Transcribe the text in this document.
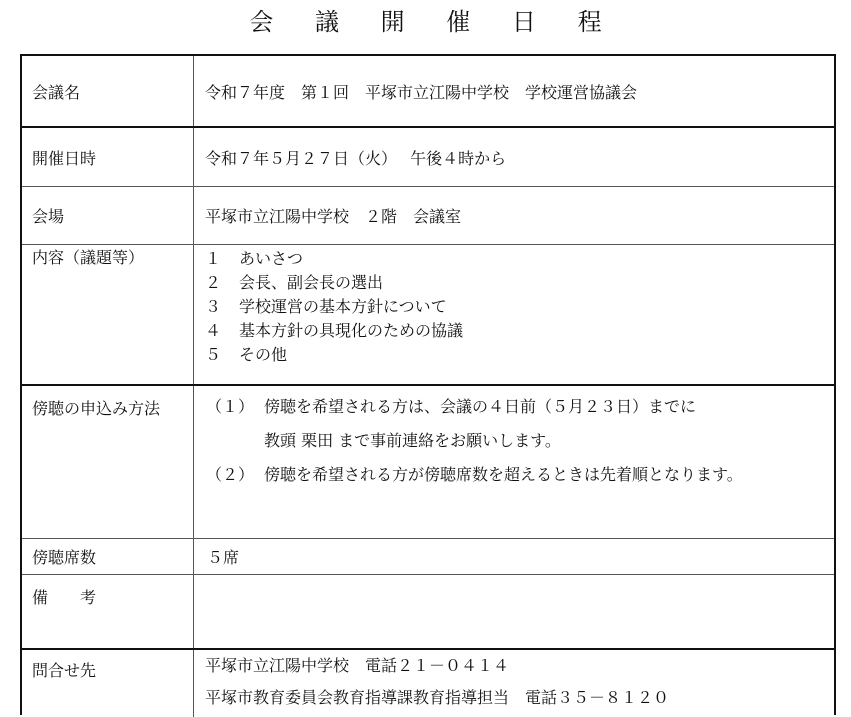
会 議 開 催 日 程
会議名	令和７年度　第１回　平塚市立江陽中学校　学校運営協議会
開催日時	令和７年５月２７日（火）　 午後４時から
会場	平塚市立江陽中学校　２階　会議室
内容（議題等）	１ あいさつ
２ 会長、副会長の選出
３ 学校運営の基本方針について
４ 基本方針の具現化のための協議
５ その他
傍聴の申込み方法	（１） 傍聴を希望される方は、会議の４日前（５月２３日）までに
教頭 栗田 まで事前連絡をお願いします。
（２） 傍聴を希望される方が傍聴席数を超えるときは先着順となります。
傍聴席数	５席
備　　考
問合せ先	平塚市立江陽中学校　電話２１－０４１４
平塚市教育委員会教育指導課教育指導担当　電話３５－８１２０
